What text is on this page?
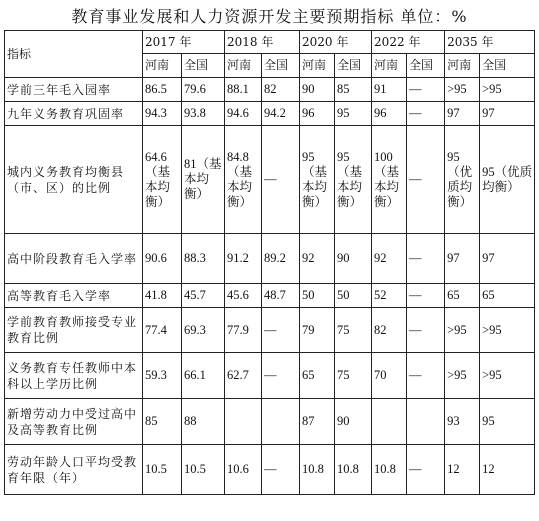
教育事业发展和人力资源开发主要预期指标 单位：%
指标	2017 年		2018 年		2020 年		2022 年		2035 年	
	河南	全国	河南	全国	河南	全国	河南	全国	河南	全国
学前三年毛入园率	86.5	79.6	88.1	82	90	85	91	—	>95	>95
九年义务教育巩固率	94.3	93.8	94.6	94.2	96	95	96	—	97	97
城内义务教育均衡县（市、区）的比例	64.6（基本均衡）	81（基本均衡）	84.8（基本均衡）	—	95（基本均衡）	95（基本均衡）	100（基本均衡）	—	95（优质均衡）	95（优质均衡）
高中阶段教育毛入学率	90.6	88.3	91.2	89.2	92	90	92	—	97	97
高等教育毛入学率	41.8	45.7	45.6	48.7	50	50	52	—	65	65
学前教育教师接受专业教育比例	77.4	69.3	77.9	—	79	75	82	—	>95	>95
义务教育专任教师中本科以上学历比例	59.3	66.1	62.7	—	65	75	70	—	>95	>95
新增劳动力中受过高中及高等教育比例	85	88			87	90			93	95
劳动年龄人口平均受教育年限（年）	10.5	10.5	10.6	—	10.8	10.8	10.8	—	12	12
